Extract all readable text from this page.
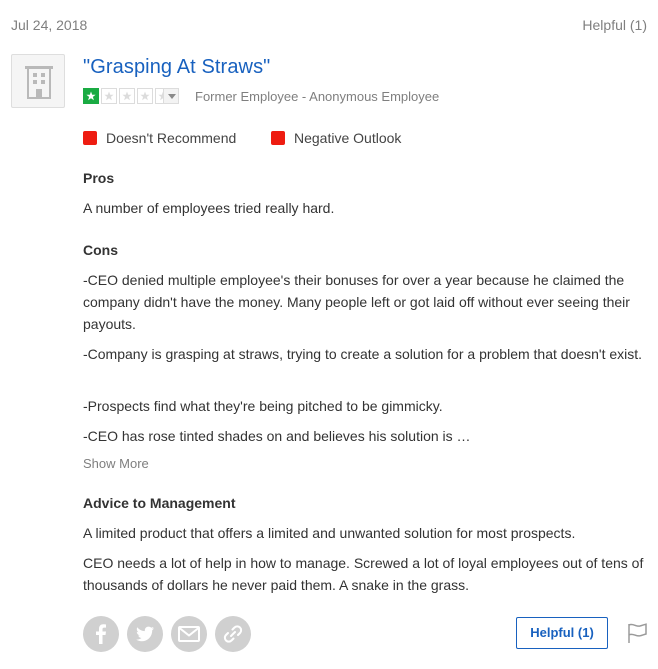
Jul 24, 2018	Helpful (1)
"Grasping At Straws"
Former Employee - Anonymous Employee
Doesn't Recommend	Negative Outlook
Pros
A number of employees tried really hard.
Cons
-CEO denied multiple employee's their bonuses for over a year because he claimed the company didn't have the money. Many people left or got laid off without ever seeing their payouts.
-Company is grasping at straws, trying to create a solution for a problem that doesn't exist.
-Prospects find what they're being pitched to be gimmicky.
-CEO has rose tinted shades on and believes his solution is …
Show More
Advice to Management
A limited product that offers a limited and unwanted solution for most prospects.
CEO needs a lot of help in how to manage. Screwed a lot of loyal employees out of tens of thousands of dollars he never paid them. A snake in the grass.
Helpful (1)
